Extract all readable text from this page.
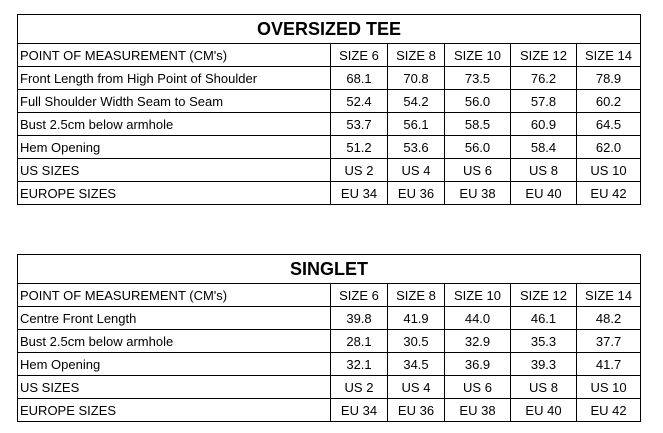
OVERSIZED TEE					
POINT OF MEASUREMENT (CM's)	SIZE 6	SIZE 8	SIZE 10	SIZE 12	SIZE 14
Front Length from High Point of Shoulder	68.1	70.8	73.5	76.2	78.9
Full Shoulder Width Seam to Seam	52.4	54.2	56.0	57.8	60.2
Bust 2.5cm below armhole	53.7	56.1	58.5	60.9	64.5
Hem Opening	51.2	53.6	56.0	58.4	62.0
US SIZES	US 2	US 4	US 6	US 8	US 10
EUROPE SIZES	EU 34	EU 36	EU 38	EU 40	EU 42
SINGLET					
POINT OF MEASUREMENT (CM's)	SIZE 6	SIZE 8	SIZE 10	SIZE 12	SIZE 14
Centre Front Length	39.8	41.9	44.0	46.1	48.2
Bust 2.5cm below armhole	28.1	30.5	32.9	35.3	37.7
Hem Opening	32.1	34.5	36.9	39.3	41.7
US SIZES	US 2	US 4	US 6	US 8	US 10
EUROPE SIZES	EU 34	EU 36	EU 38	EU 40	EU 42
